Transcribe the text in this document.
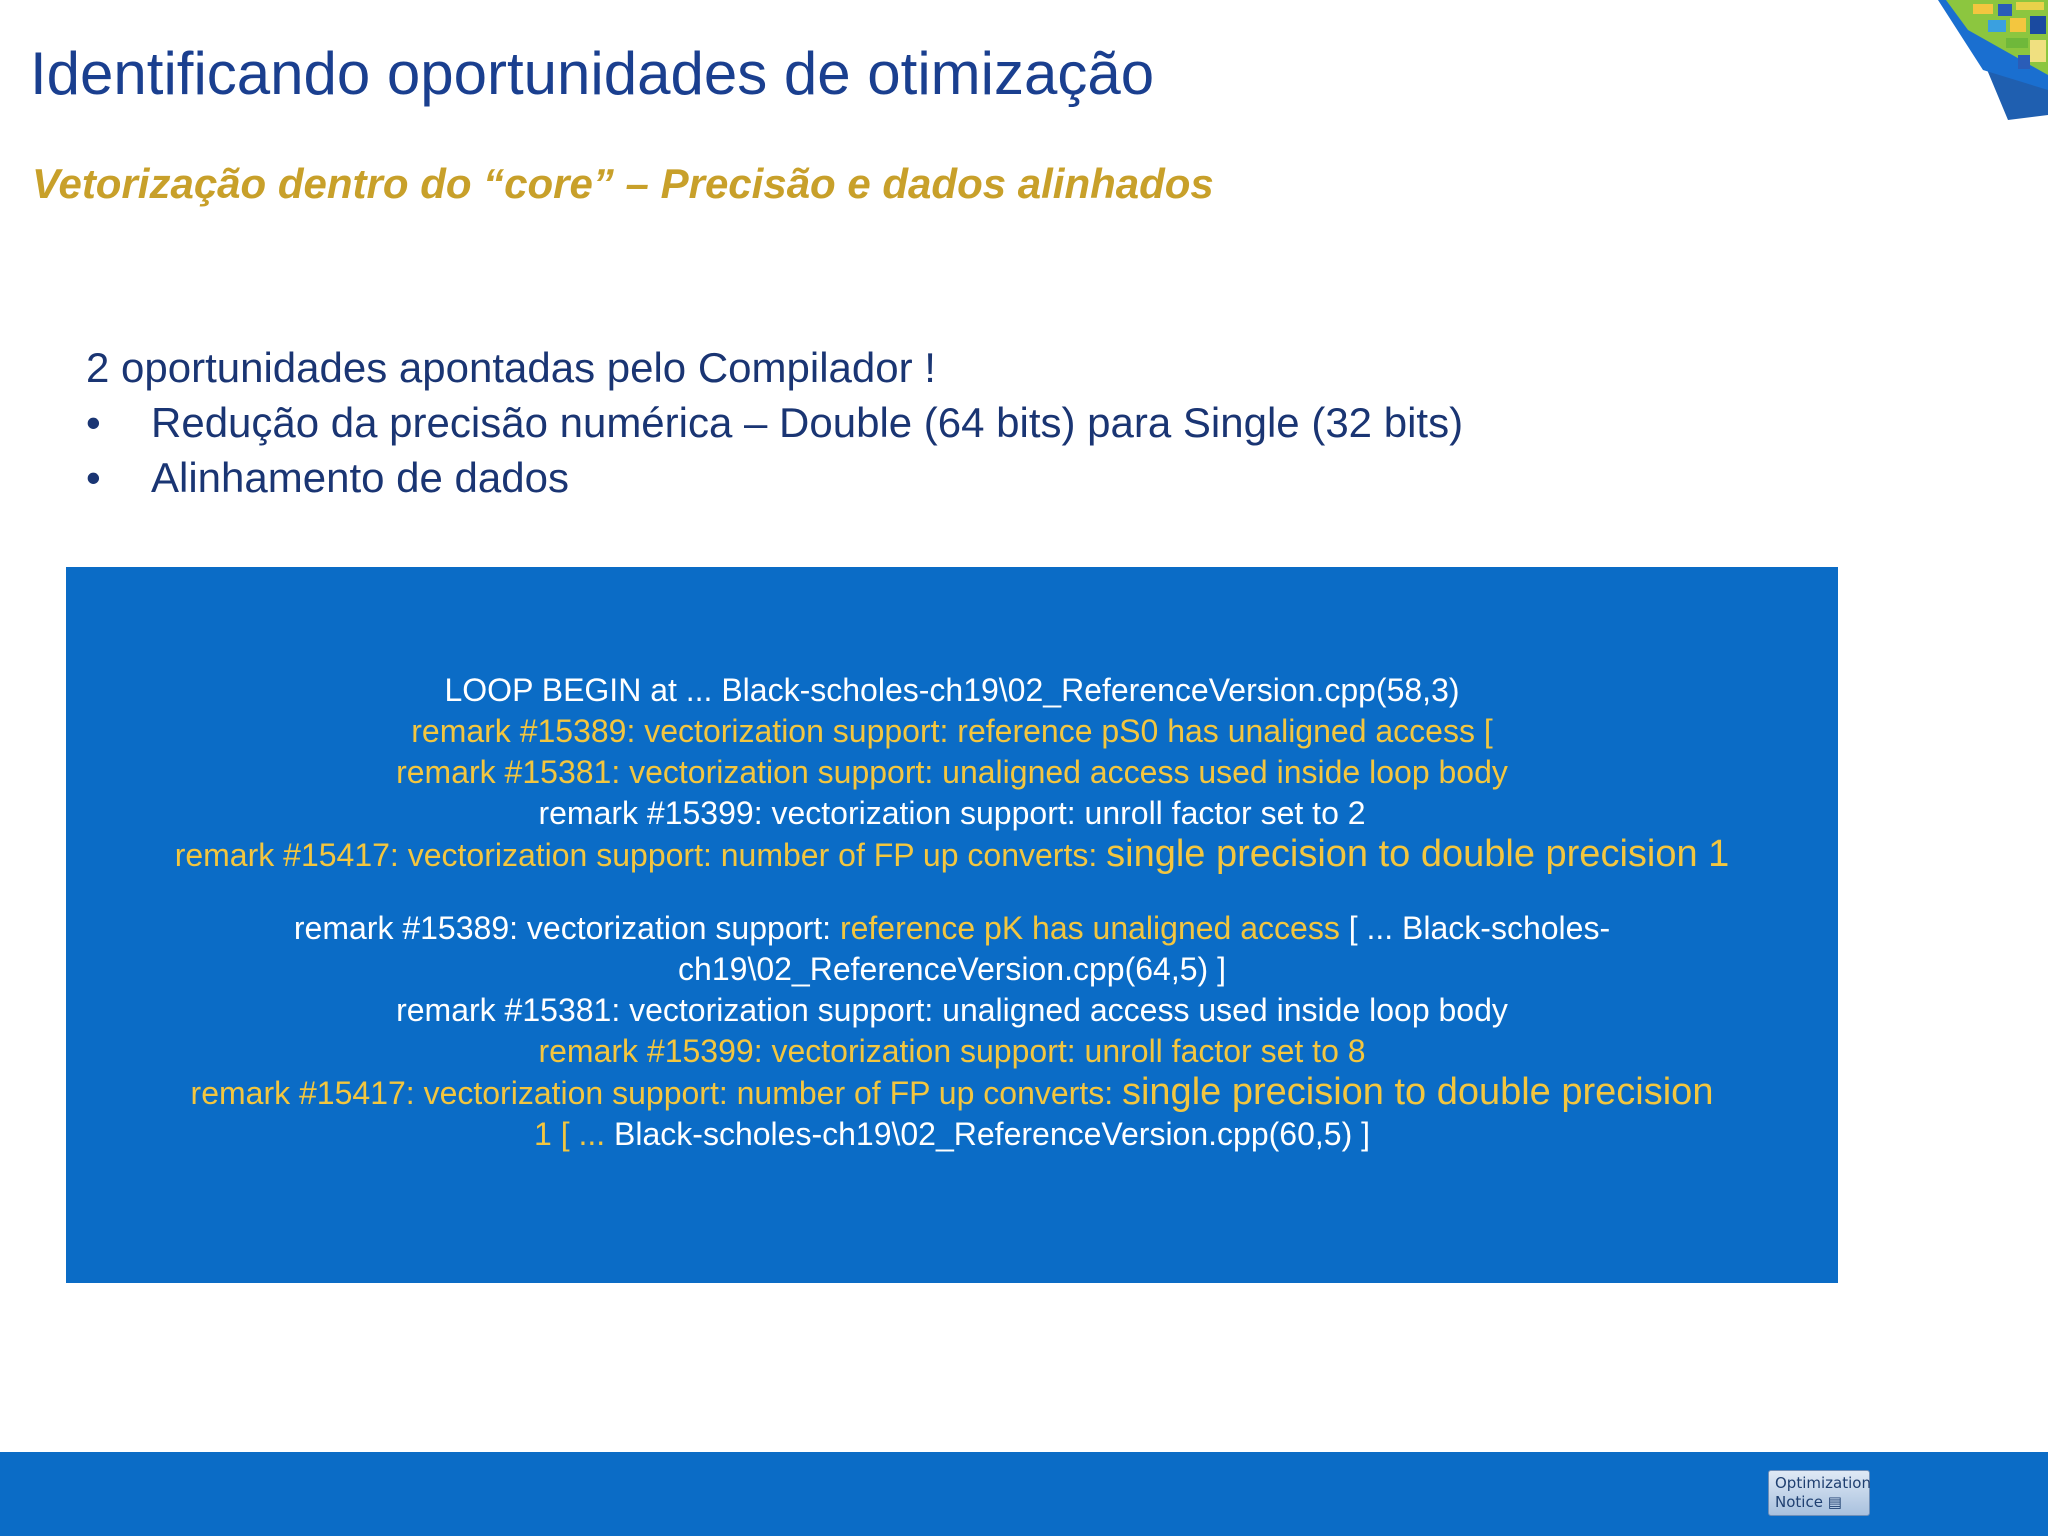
Identificando oportunidades de otimização
Vetorização dentro do “core” – Precisão e dados alinhados
2 oportunidades apontadas pelo Compilador !
•	Redução da precisão numérica – Double (64 bits) para Single (32 bits)
•	Alinhamento de dados
LOOP BEGIN at ... Black-scholes-ch19\02_ReferenceVersion.cpp(58,3)
remark #15389: vectorization support: reference pS0 has unaligned access [
remark #15381: vectorization support: unaligned access used inside loop body
remark #15399: vectorization support: unroll factor set to 2
remark #15417: vectorization support: number of FP up converts: single precision to double precision 1
remark #15389: vectorization support: reference pK has unaligned access [ ... Black-scholes-
ch19\02_ReferenceVersion.cpp(64,5) ]
remark #15381: vectorization support: unaligned access used inside loop body
remark #15399: vectorization support: unroll factor set to 8
remark #15417: vectorization support: number of FP up converts: single precision to double precision
1 [ ... Black-scholes-ch19\02_ReferenceVersion.cpp(60,5) ]
Optimization
Notice ▤
